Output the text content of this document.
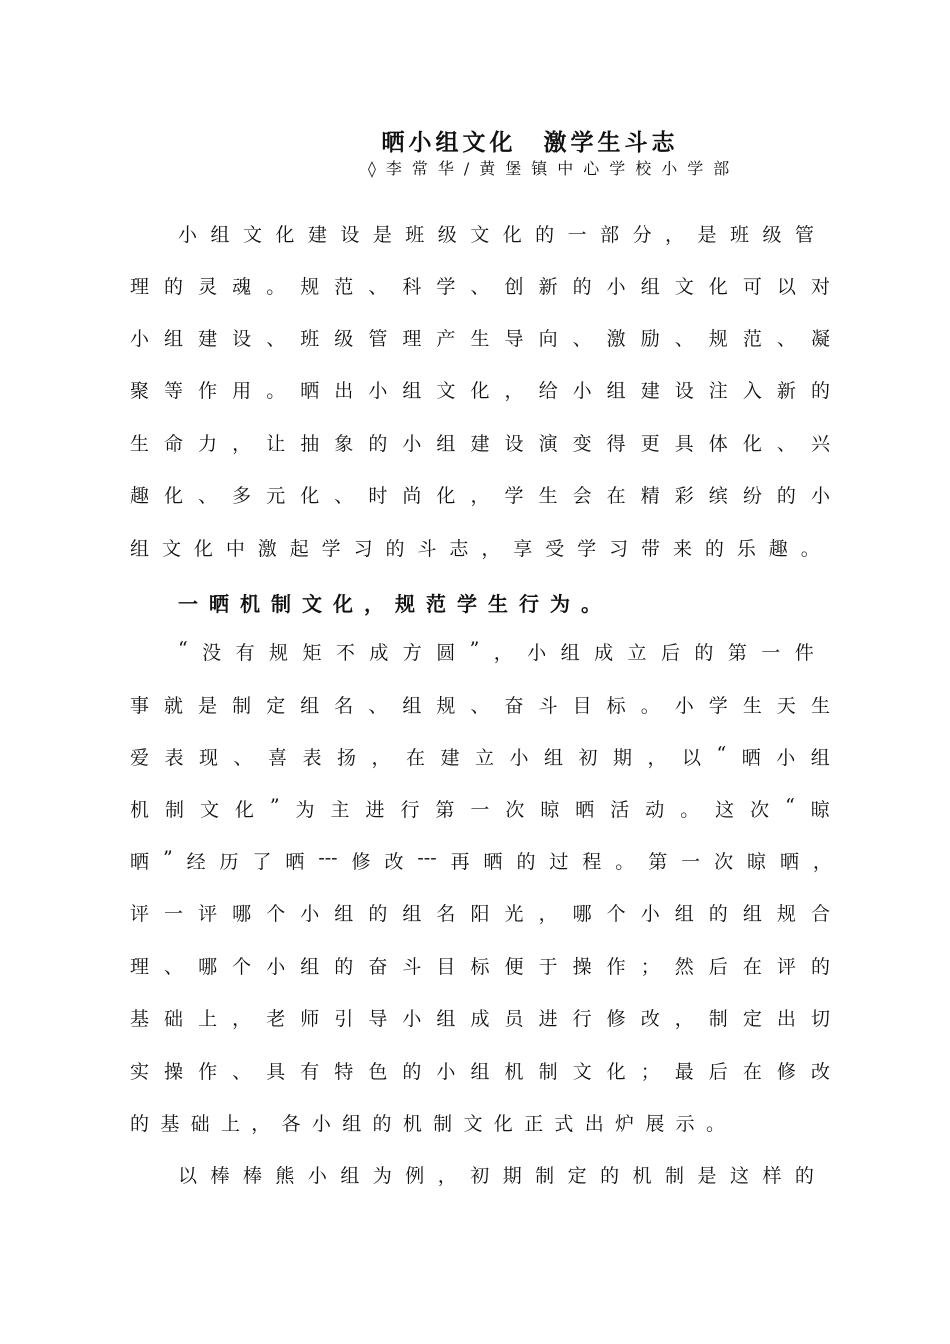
晒小组文化　激学生斗志
◊李常华/黄堡镇中心学校小学部
小 组 文 化 建 设 是 班 级 文 化 的 一 部 分 ， 是 班 级 管
理 的 灵 魂 。 规 范 、 科 学 、 创 新 的 小 组 文 化 可 以 对
小 组 建 设 、 班 级 管 理 产 生 导 向 、 激 励 、 规 范 、 凝
聚 等 作 用 。 晒 出 小 组 文 化 ， 给 小 组 建 设 注 入 新 的
生 命 力 ， 让 抽 象 的 小 组 建 设 演 变 得 更 具 体 化 、 兴
趣 化 、 多 元 化 、 时 尚 化 ， 学 生 会 在 精 彩 缤 纷 的 小
组 文 化 中 激 起 学 习 的 斗 志 ， 享 受 学 习 带 来 的 乐 趣 。
一晒机制文化，规范学生行为。
“ 没 有 规 矩 不 成 方 圆 ” ， 小 组 成 立 后 的 第 一 件
事 就 是 制 定 组 名 、 组 规 、 奋 斗 目 标 。 小 学 生 天 生
爱 表 现 、 喜 表 扬 ， 在 建 立 小 组 初 期 ， 以 “ 晒 小 组
机 制 文 化 ” 为 主 进 行 第 一 次 晾 晒 活 动 。 这 次 “ 晾
晒 ” 经 历 了 晒 --- 修 改 --- 再 晒 的 过 程 。 第 一 次 晾 晒 ，
评 一 评 哪 个 小 组 的 组 名 阳 光 ， 哪 个 小 组 的 组 规 合
理 、 哪 个 小 组 的 奋 斗 目 标 便 于 操 作 ； 然 后 在 评 的
基 础 上 ， 老 师 引 导 小 组 成 员 进 行 修 改 ， 制 定 出 切
实 操 作 、 具 有 特 色 的 小 组 机 制 文 化 ； 最 后 在 修 改
的 基 础 上 ， 各 小 组 的 机 制 文 化 正 式 出 炉 展 示 。
以 棒 棒 熊 小 组 为 例 ， 初 期 制 定 的 机 制 是 这 样 的
